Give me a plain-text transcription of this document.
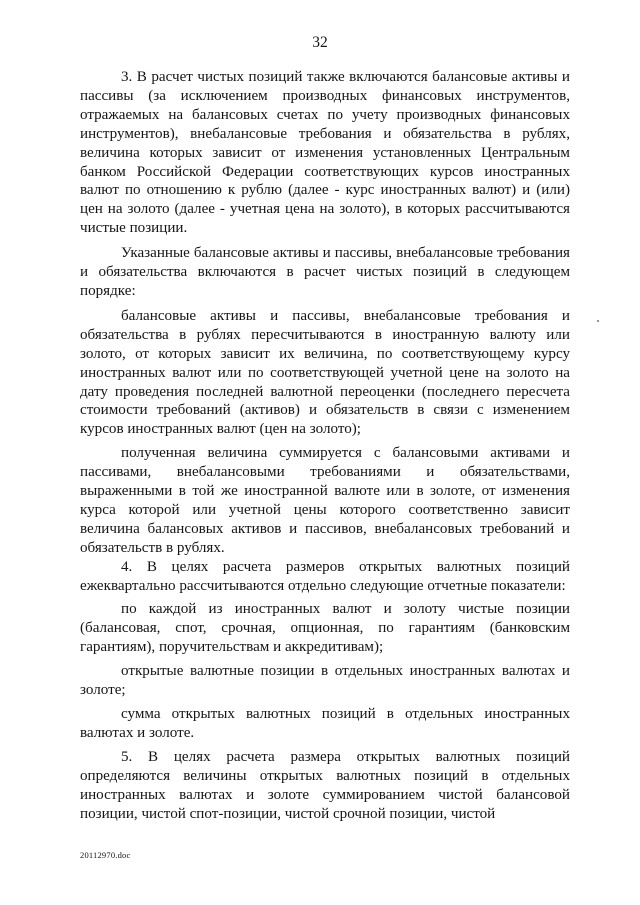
32

3. В расчет чистых позиций также включаются балансовые активы и пассивы (за исключением производных финансовых инструментов, отражаемых на балансовых счетах по учету производных финансовых инструментов), внебалансовые требования и обязательства в рублях, величина которых зависит от изменения установленных Центральным банком Российской Федерации соответствующих курсов иностранных валют по отношению к рублю (далее - курс иностранных валют) и (или) цен на золото (далее - учетная цена на золото), в которых рассчитываются чистые позиции.

Указанные балансовые активы и пассивы, внебалансовые требования и обязательства включаются в расчет чистых позиций в следующем порядке:

балансовые активы и пассивы, внебалансовые требования и обязательства в рублях пересчитываются в иностранную валюту или золото, от которых зависит их величина, по соответствующему курсу иностранных валют или по соответствующей учетной цене на золото на дату проведения последней валютной переоценки (последнего пересчета стоимости требований (активов) и обязательств в связи с изменением курсов иностранных валют (цен на золото);

полученная величина суммируется с балансовыми активами и пассивами, внебалансовыми требованиями и обязательствами, выраженными в той же иностранной валюте или в золоте, от изменения курса которой или учетной цены которого соответственно зависит величина балансовых активов и пассивов, внебалансовых требований и обязательств в рублях.

4. В целях расчета размеров открытых валютных позиций ежеквартально рассчитываются отдельно следующие отчетные показатели:

по каждой из иностранных валют и золоту чистые позиции (балансовая, спот, срочная, опционная, по гарантиям (банковским гарантиям), поручительствам и аккредитивам);

открытые валютные позиции в отдельных иностранных валютах и золоте;

сумма открытых валютных позиций в отдельных иностранных валютах и золоте.

5. В целях расчета размера открытых валютных позиций определяются величины открытых валютных позиций в отдельных иностранных валютах и золоте суммированием чистой балансовой позиции, чистой спот-позиции, чистой срочной позиции, чистой

20112970.doc
